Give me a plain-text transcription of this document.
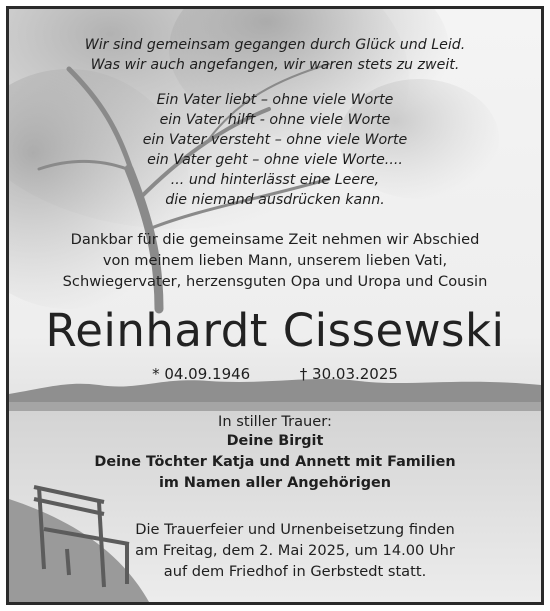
Wir sind gemeinsam gegangen durch Glück und Leid.
Was wir auch angefangen, wir waren stets zu zweit.
Ein Vater liebt – ohne viele Worte
ein Vater hilft - ohne viele Worte
ein Vater versteht – ohne viele Worte
ein Vater geht – ohne viele Worte....
... und hinterlässt eine Leere,
die niemand ausdrücken kann.
Dankbar für die gemeinsame Zeit nehmen wir Abschied
von meinem lieben Mann, unserem lieben Vati,
Schwiegervater, herzensguten Opa und Uropa und Cousin
Reinhardt Cissewski
* 04.09.1946	† 30.03.2025
In stiller Trauer:
Deine Birgit
Deine Töchter Katja und Annett mit Familien
im Namen aller Angehörigen
Die Trauerfeier und Urnenbeisetzung finden
am Freitag, dem 2. Mai 2025, um 14.00 Uhr
auf dem Friedhof in Gerbstedt statt.
